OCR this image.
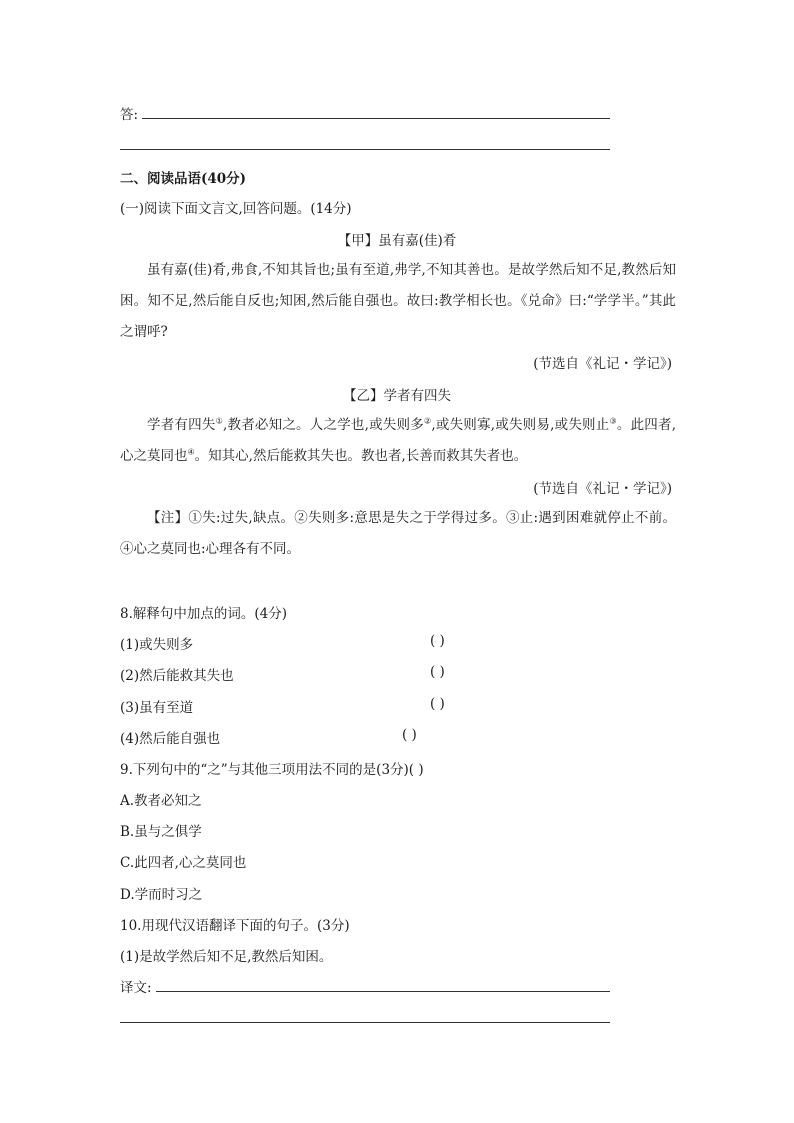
答:
二、阅读品语(40分)
(一)阅读下面文言文,回答问题。(14分)
【甲】虽有嘉(佳)肴
虽有嘉(佳)肴,弗食,不知其旨也;虽有至道,弗学,不知其善也。是故学然后知不足,教然后知困。知不足,然后能自反也;知困,然后能自强也。故曰:教学相长也。《兑命》曰:“学学半。”其此之谓呼?
(节选自《礼记・学记》)
【乙】学者有四失
学者有四失①,教者必知之。人之学也,或失则多②,或失则寡,或失则易,或失则止③。此四者,心之莫同也④。知其心,然后能救其失也。教也者,长善而救其失者也。
(节选自《礼记・学记》)
【注】①失:过失,缺点。②失则多:意思是失之于学得过多。③止:遇到困难就停止不前。④心之莫同也:心理各有不同。
8.解释句中加点的词。(4分)
(1)或失则多	( )
(2)然后能救其失也	( )
(3)虽有至道	( )
(4)然后能自强也	( )
9.下列句中的“之”与其他三项用法不同的是(3分)( )
A.教者必知之
B.虽与之俱学
C.此四者,心之莫同也
D.学而时习之
10.用现代汉语翻译下面的句子。(3分)
(1)是故学然后知不足,教然后知困。
译文:
